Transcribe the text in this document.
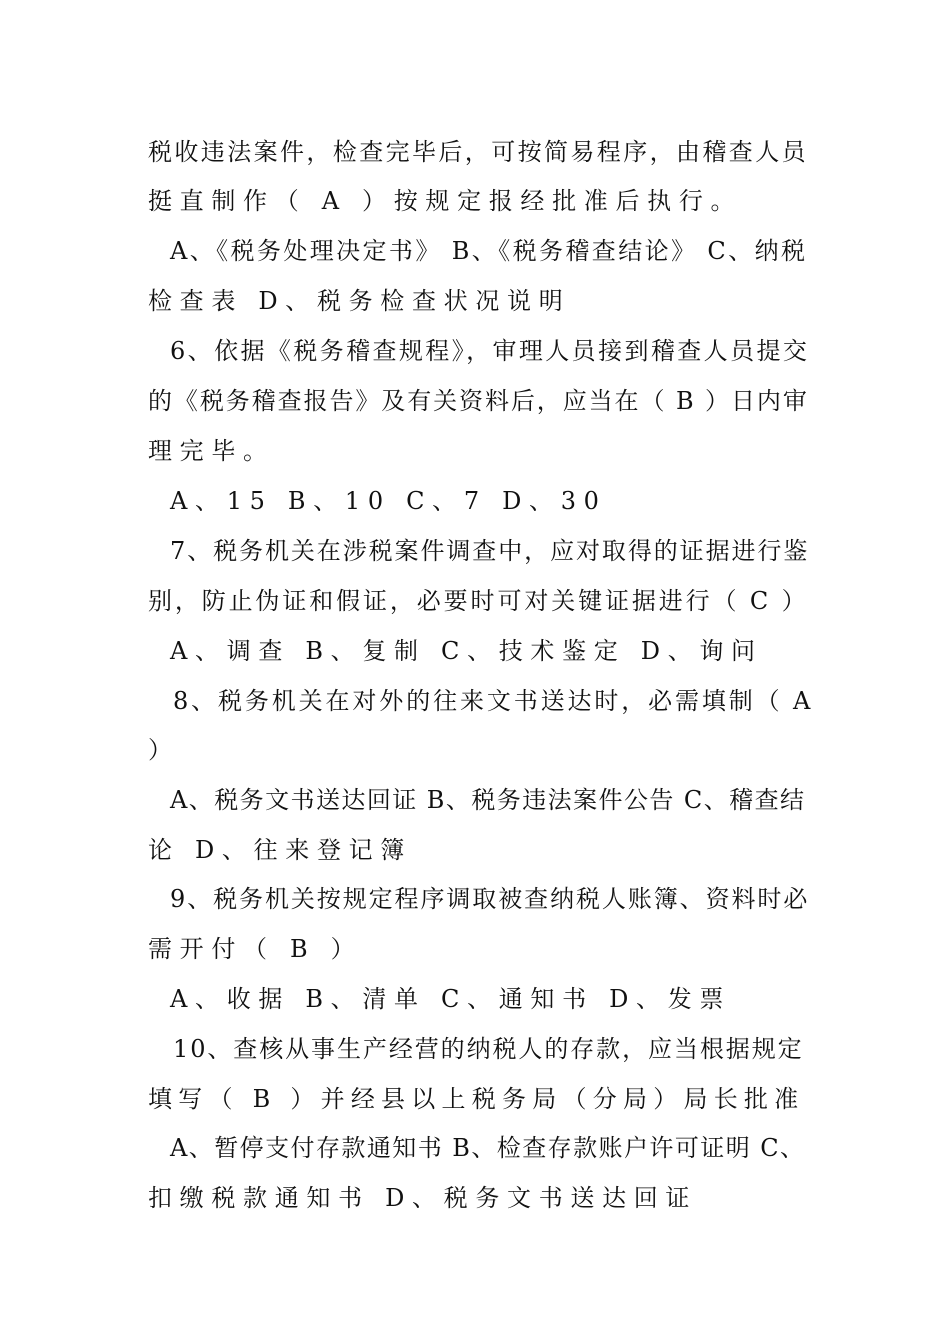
税收违法案件，检查完毕后，可按简易程序，由稽查人员
挺直制作（ A ）按规定报经批准后执行。
A、《税务处理决定书》 B、《税务稽查结论》 C、纳税
检查表 D、税务检查状况说明
6、依据《税务稽查规程》，审理人员接到稽查人员提交
的《税务稽查报告》及有关资料后，应当在（ B ）日内审
理完毕。
A、15 B、10 C、7 D、30
7、税务机关在涉税案件调查中，应对取得的证据进行鉴
别，防止伪证和假证，必要时可对关键证据进行（ C ）
A、调查 B、复制 C、技术鉴定 D、询问
8、税务机关在对外的往来文书送达时，必需填制（ A
）
A、税务文书送达回证 B、税务违法案件公告 C、稽查结
论 D、往来登记簿
9、税务机关按规定程序调取被查纳税人账簿、资料时必
需开付（ B ）
A、收据 B、清单 C、通知书 D、发票
10、查核从事生产经营的纳税人的存款，应当根据规定
填写（ B ）并经县以上税务局（分局）局长批准
A、暂停支付存款通知书 B、检查存款账户许可证明 C、
扣缴税款通知书 D、税务文书送达回证
